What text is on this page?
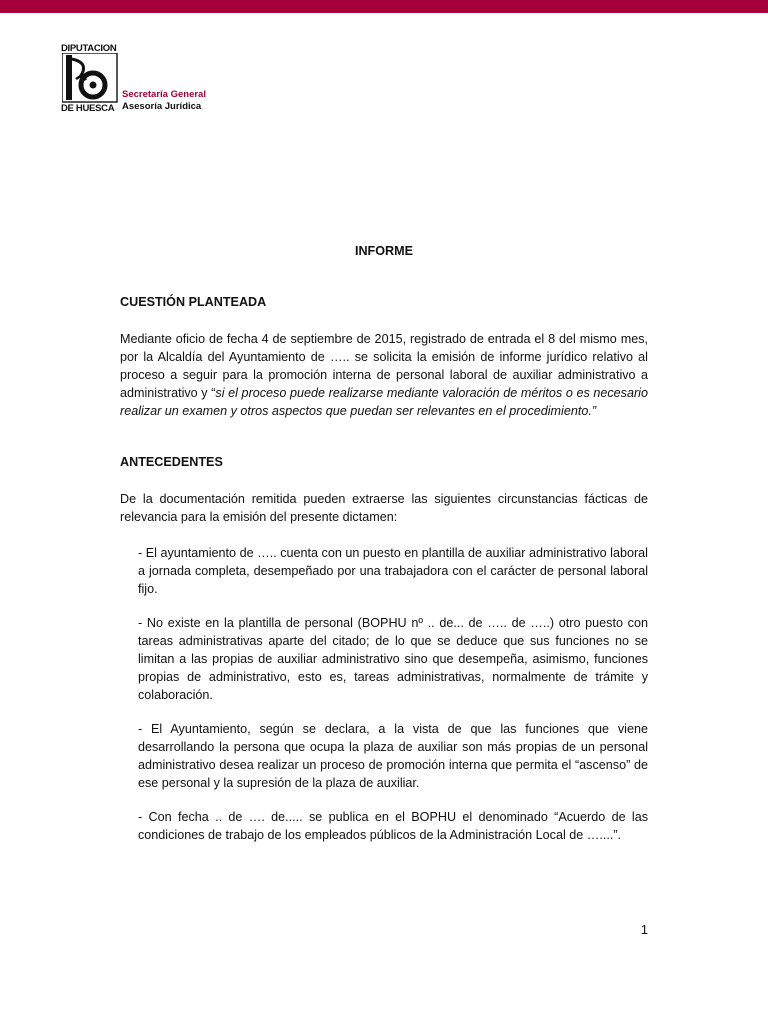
DIPUTACION
DE HUESCA
Secretaría General
Asesoría Jurídica
INFORME
CUESTIÓN PLANTEADA

Mediante oficio de fecha 4 de septiembre de 2015, registrado de entrada el 8 del mismo mes, por la Alcaldía del Ayuntamiento de ….. se solicita la emisión de informe jurídico relativo al proceso a seguir para la promoción interna de personal laboral de auxiliar administrativo a administrativo y “si el proceso puede realizarse mediante valoración de méritos o es necesario realizar un examen y otros aspectos que puedan ser relevantes en el procedimiento.”

ANTECEDENTES

De la documentación remitida pueden extraerse las siguientes circunstancias fácticas de relevancia para la emisión del presente dictamen:

- El ayuntamiento de ….. cuenta con un puesto en plantilla de auxiliar administrativo laboral a jornada completa, desempeñado por una trabajadora con el carácter de personal laboral fijo.

- No existe en la plantilla de personal (BOPHU nº .. de... de ….. de …..) otro puesto con tareas administrativas aparte del citado; de lo que se deduce que sus funciones no se limitan a las propias de auxiliar administrativo sino que desempeña, asimismo, funciones propias de administrativo, esto es, tareas administrativas, normalmente de trámite y colaboración.

- El Ayuntamiento, según se declara, a la vista de que las funciones que viene desarrollando la persona que ocupa la plaza de auxiliar son más propias de un personal administrativo desea realizar un proceso de promoción interna que permita el “ascenso” de ese personal y la supresión de la plaza de auxiliar.

- Con fecha .. de …. de..... se publica en el BOPHU el denominado “Acuerdo de las condiciones de trabajo de los empleados públicos de la Administración Local de …....”.

1
